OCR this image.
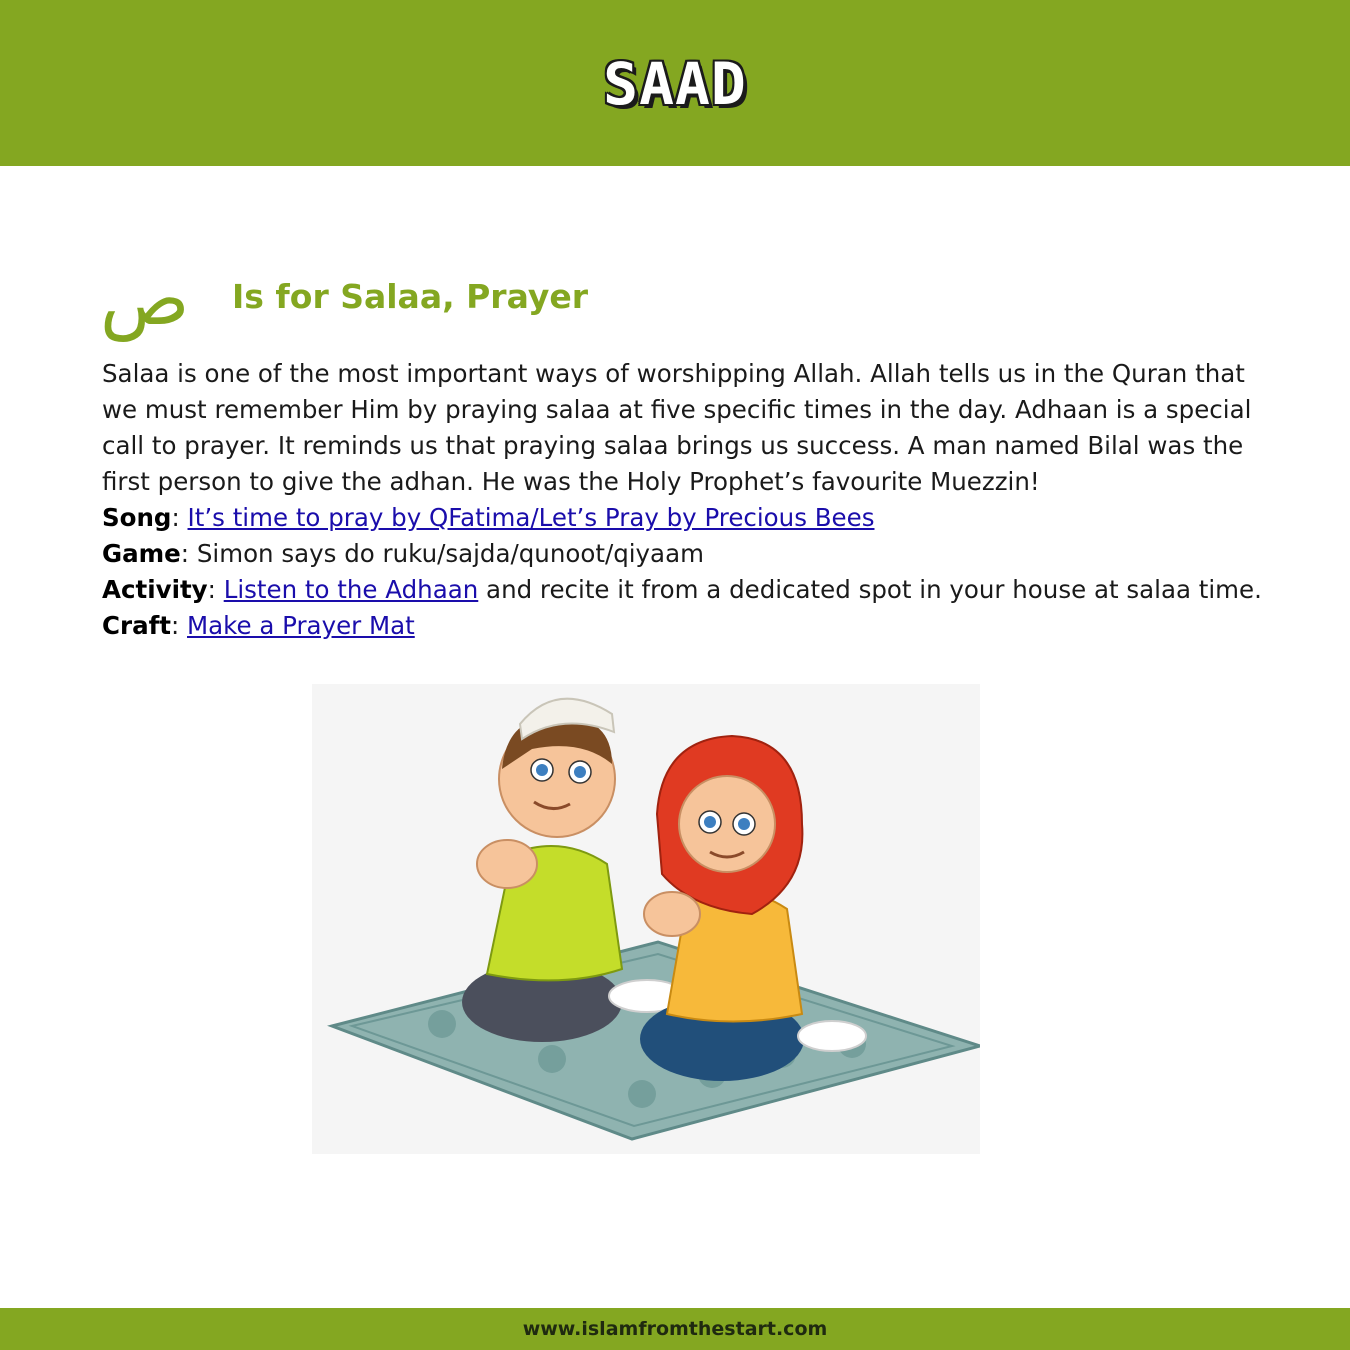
SAAD
ص Is for Salaa, Prayer

Salaa is one of the most important ways of worshipping Allah. Allah tells us in the Quran that we must remember Him by praying salaa at five specific times in the day. Adhaan is a special call to prayer. It reminds us that praying salaa brings us success. A man named Bilal was the first person to give the adhan. He was the Holy Prophet’s favourite Muezzin!

Song: It’s time to pray by QFatima/Let’s Pray by Precious Bees
Game: Simon says do ruku/sajda/qunoot/qiyaam
Activity: Listen to the Adhaan and recite it from a dedicated spot in your house at salaa time.
Craft: Make a Prayer Mat
www.islamfromthestart.com
